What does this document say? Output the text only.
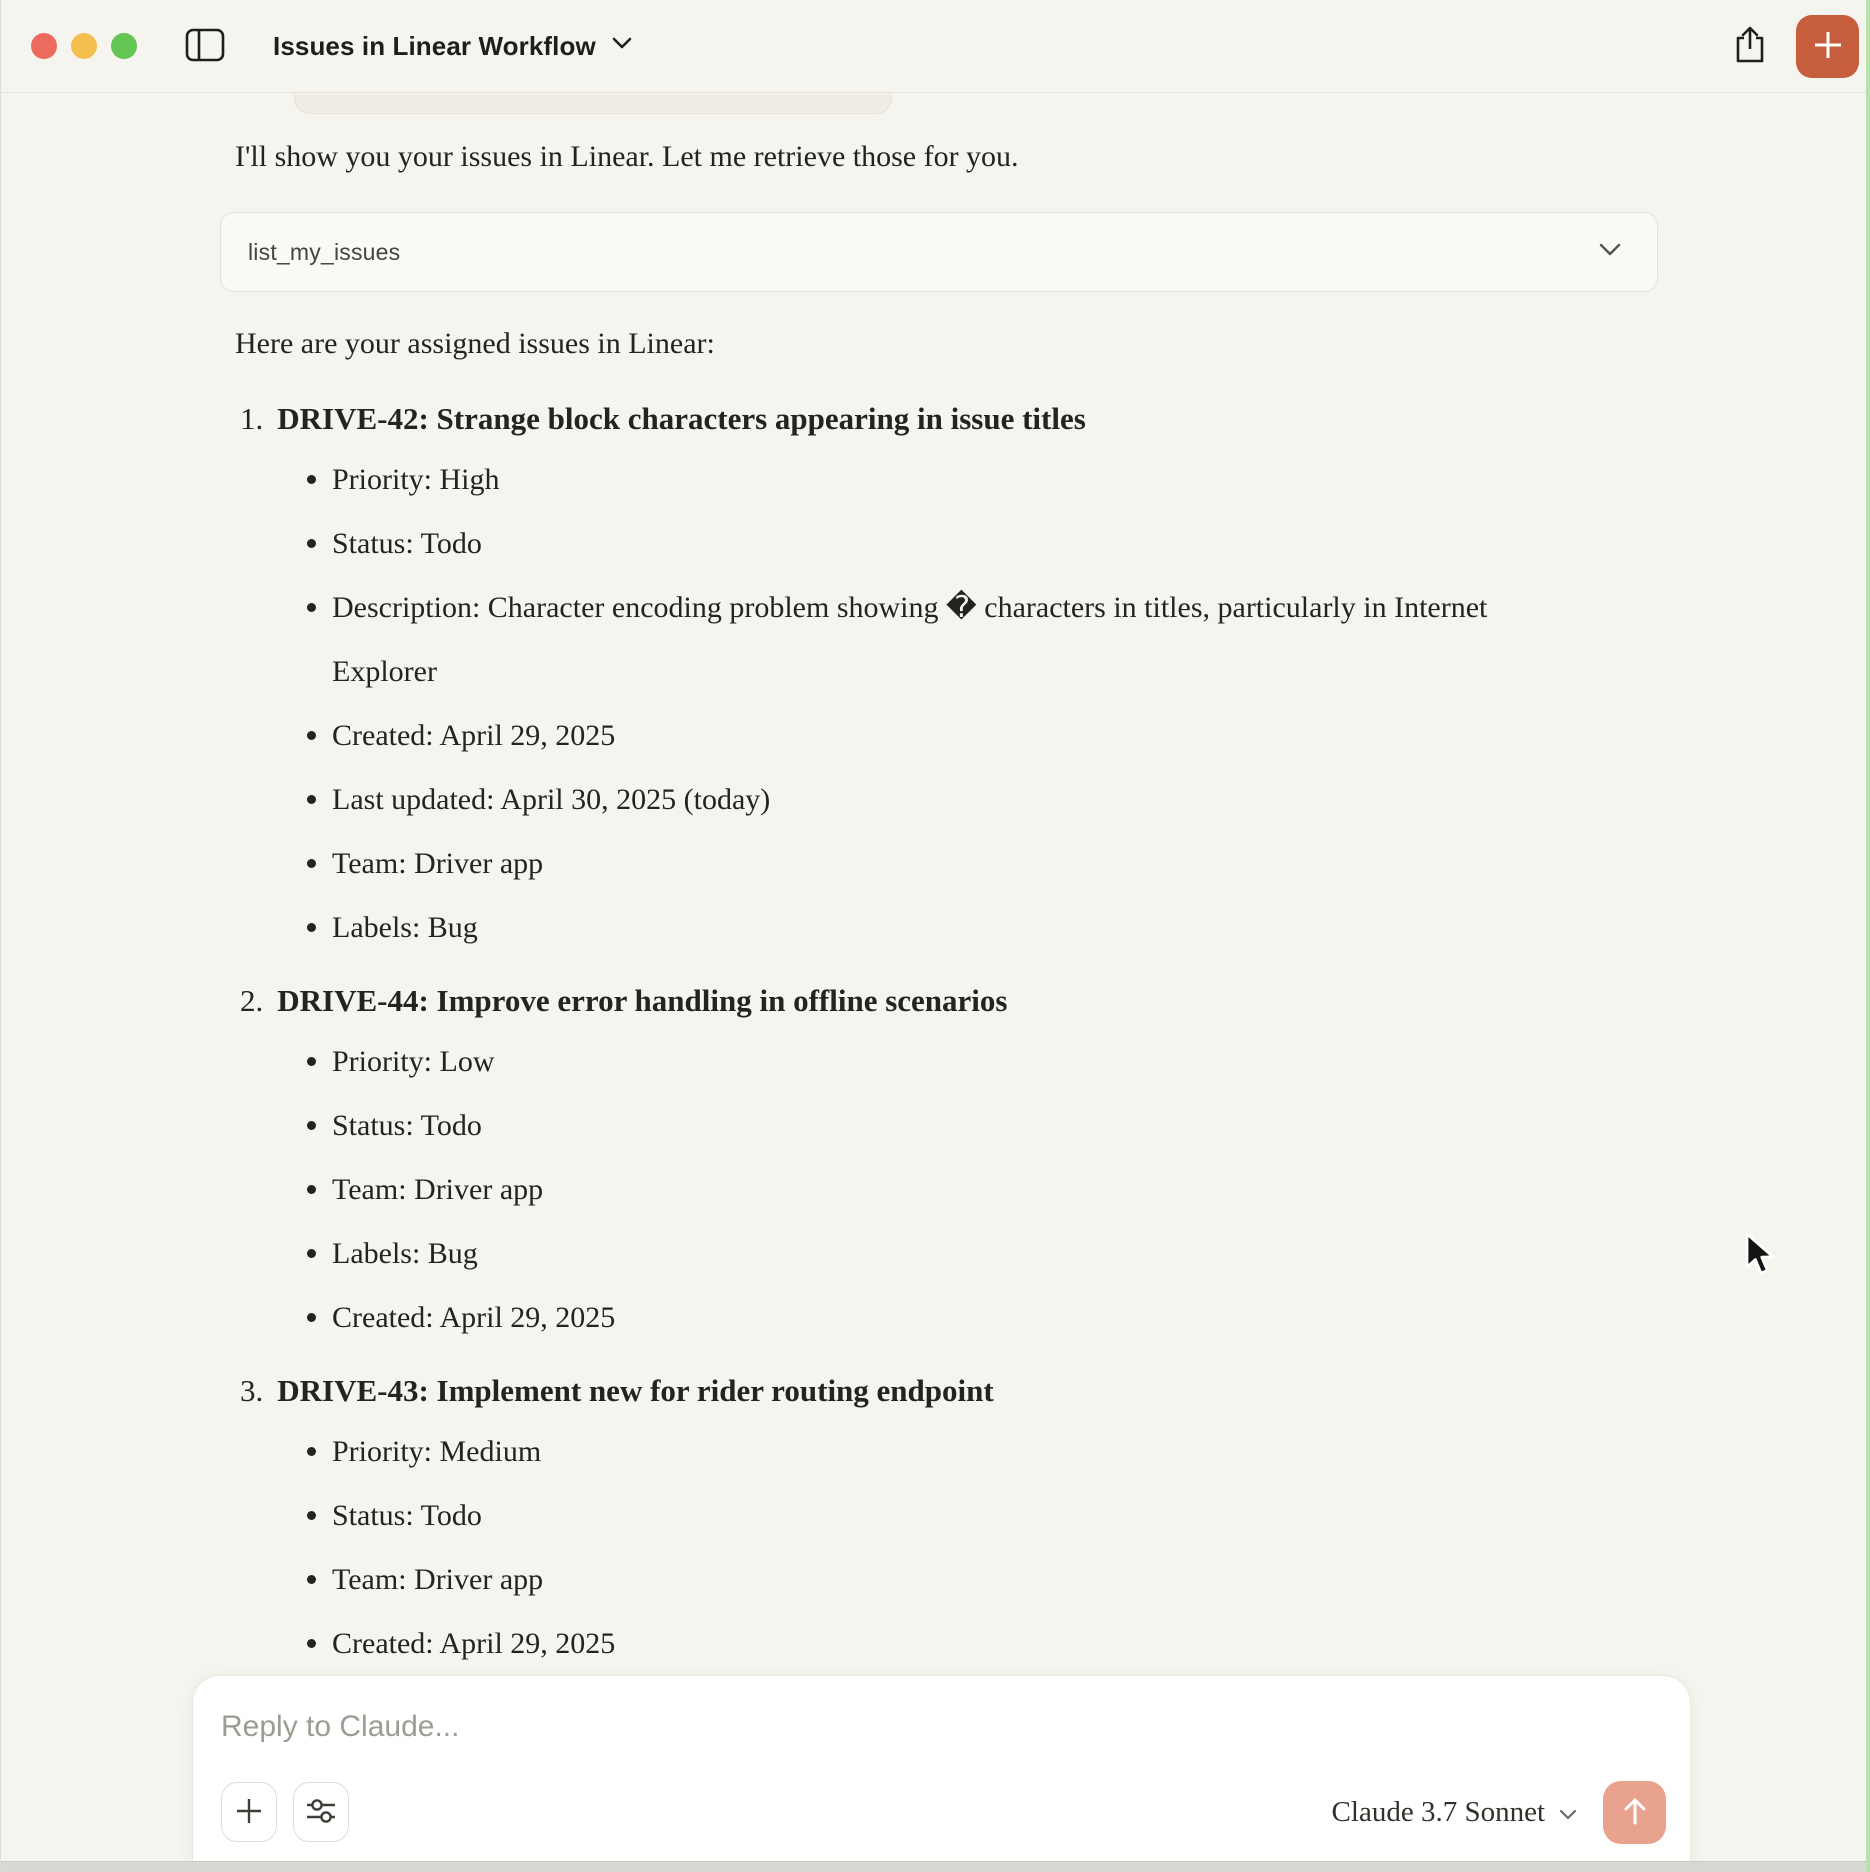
Issues in Linear Workflow

I'll show you your issues in Linear. Let me retrieve those for you.

list_my_issues

Here are your assigned issues in Linear:

1. DRIVE-42: Strange block characters appearing in issue titles
Priority: High
Status: Todo
Description: Character encoding problem showing � characters in titles, particularly in Internet Explorer
Created: April 29, 2025
Last updated: April 30, 2025 (today)
Team: Driver app
Labels: Bug
2. DRIVE-44: Improve error handling in offline scenarios
Priority: Low
Status: Todo
Team: Driver app
Labels: Bug
Created: April 29, 2025
3. DRIVE-43: Implement new for rider routing endpoint
Priority: Medium
Status: Todo
Team: Driver app
Created: April 29, 2025
Reply to Claude...
Claude 3.7 Sonnet
